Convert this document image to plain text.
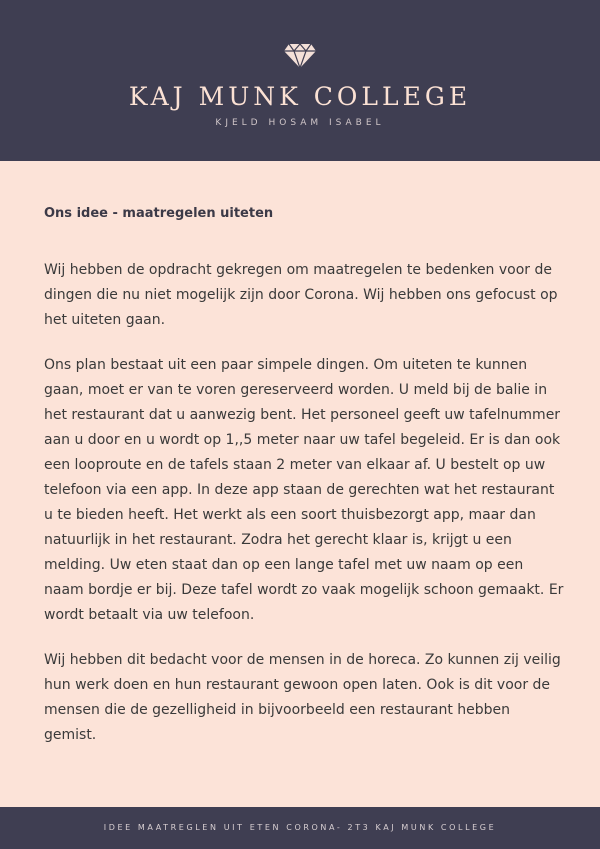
KAJ MUNK COLLEGE
KJELD HOSAM ISABEL
Ons idee - maatregelen uiteten

Wij hebben de opdracht gekregen om maatregelen te bedenken voor de dingen die nu niet mogelijk zijn door Corona. Wij hebben ons gefocust op het uiteten gaan.

Ons plan bestaat uit een paar simpele dingen. Om uiteten te kunnen gaan, moet er van te voren gereserveerd worden. U meld bij de balie in het restaurant dat u aanwezig bent. Het personeel geeft uw tafelnummer aan u door en u wordt op 1,,5 meter naar uw tafel begeleid. Er is dan ook een looproute en de tafels staan 2 meter van elkaar af. U bestelt op uw telefoon via een app. In deze app staan de gerechten wat het restaurant u te bieden heeft. Het werkt als een soort thuisbezorgt app, maar dan natuurlijk in het restaurant. Zodra het gerecht klaar is, krijgt u een melding. Uw eten staat dan op een lange tafel met uw naam op een naam bordje er bij. Deze tafel wordt zo vaak mogelijk schoon gemaakt. Er wordt betaalt via uw telefoon.

Wij hebben dit bedacht voor de mensen in de horeca. Zo kunnen zij veilig hun werk doen en hun restaurant gewoon open laten. Ook is dit voor de mensen die de gezelligheid in bijvoorbeeld een restaurant hebben gemist.

IDEE MAATREGLEN UIT ETEN CORONA- 2T3 KAJ MUNK COLLEGE
